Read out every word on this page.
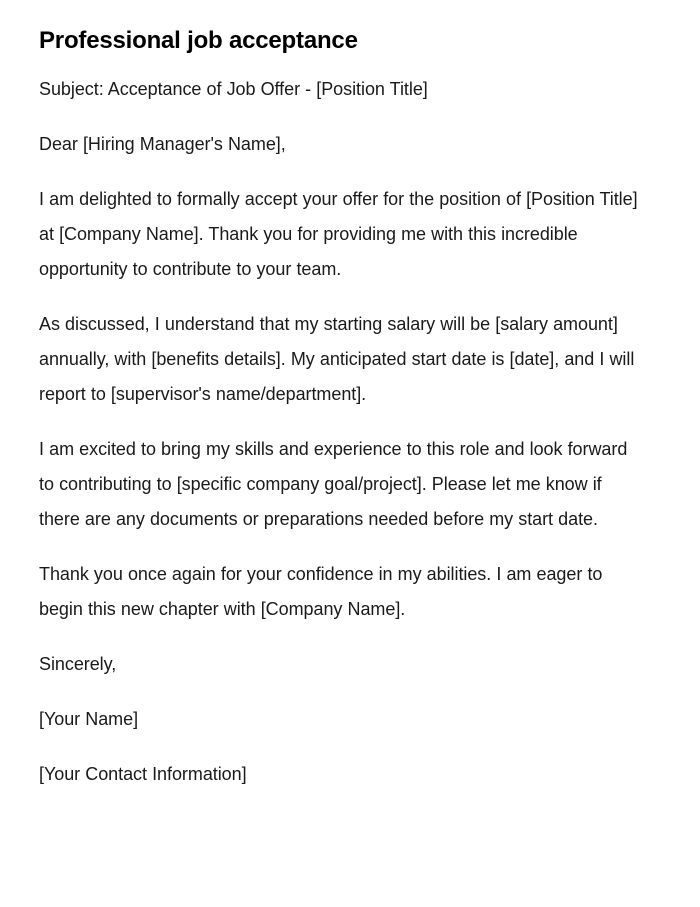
Professional job acceptance

Subject: Acceptance of Job Offer - [Position Title]

Dear [Hiring Manager's Name],

I am delighted to formally accept your offer for the position of [Position Title] at [Company Name]. Thank you for providing me with this incredible opportunity to contribute to your team.

As discussed, I understand that my starting salary will be [salary amount] annually, with [benefits details]. My anticipated start date is [date], and I will report to [supervisor's name/department].

I am excited to bring my skills and experience to this role and look forward to contributing to [specific company goal/project]. Please let me know if there are any documents or preparations needed before my start date.

Thank you once again for your confidence in my abilities. I am eager to begin this new chapter with [Company Name].

Sincerely,

[Your Name]

[Your Contact Information]
